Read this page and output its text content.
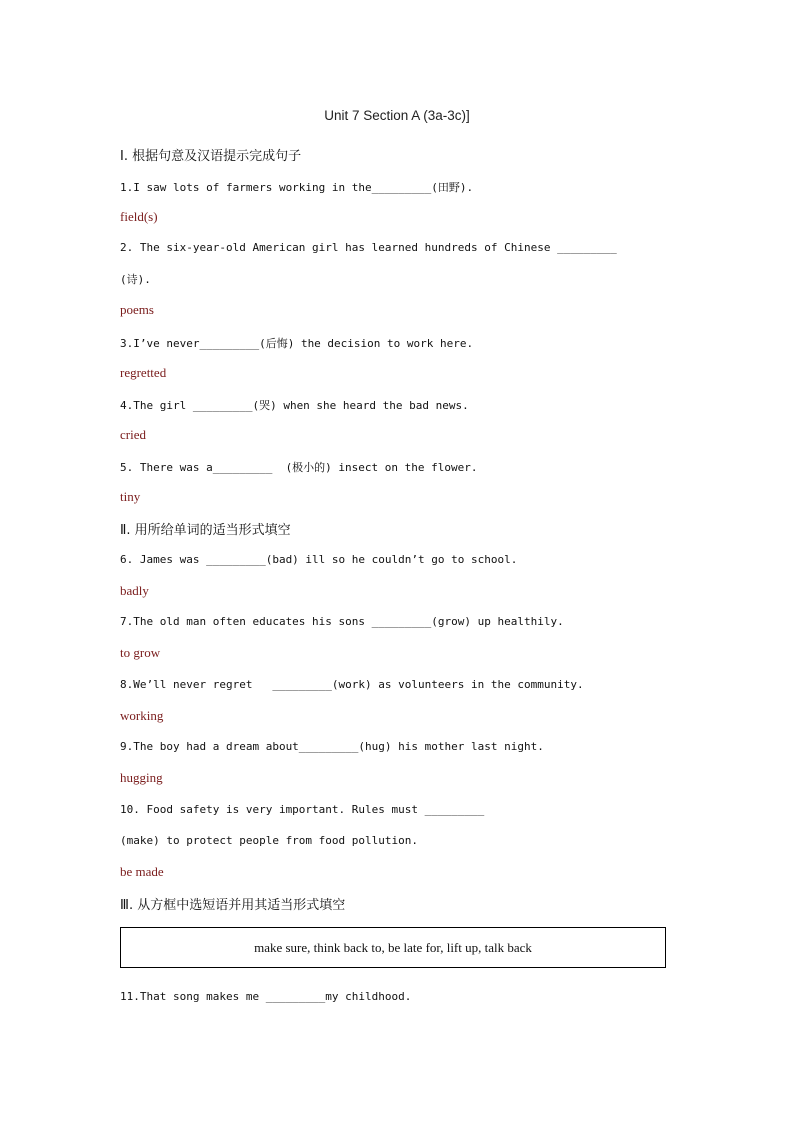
Unit 7 Section A (3a-3c)]
Ⅰ. 根据句意及汉语提示完成句子
1.I saw lots of farmers working in the_________(田野).
field(s)
2. The six-year-old American girl has learned hundreds of Chinese _________
(诗).
poems
3.I’ve never_________(后悔) the decision to work here.
regretted
4.The girl _________(哭) when she heard the bad news.
cried
5. There was a_________  (极小的) insect on the flower.
tiny
Ⅱ. 用所给单词的适当形式填空
6. James was _________(bad) ill so he couldn’t go to school.
badly
7.The old man often educates his sons _________(grow) up healthily.
to grow
8.We’ll never regret   _________(work) as volunteers in the community.
working
9.The boy had a dream about_________(hug) his mother last night.
hugging
10. Food safety is very important. Rules must _________
(make) to protect people from food pollution.
be made
Ⅲ. 从方框中选短语并用其适当形式填空
make sure, think back to, be late for, lift up, talk back
11.That song makes me _________my childhood.
